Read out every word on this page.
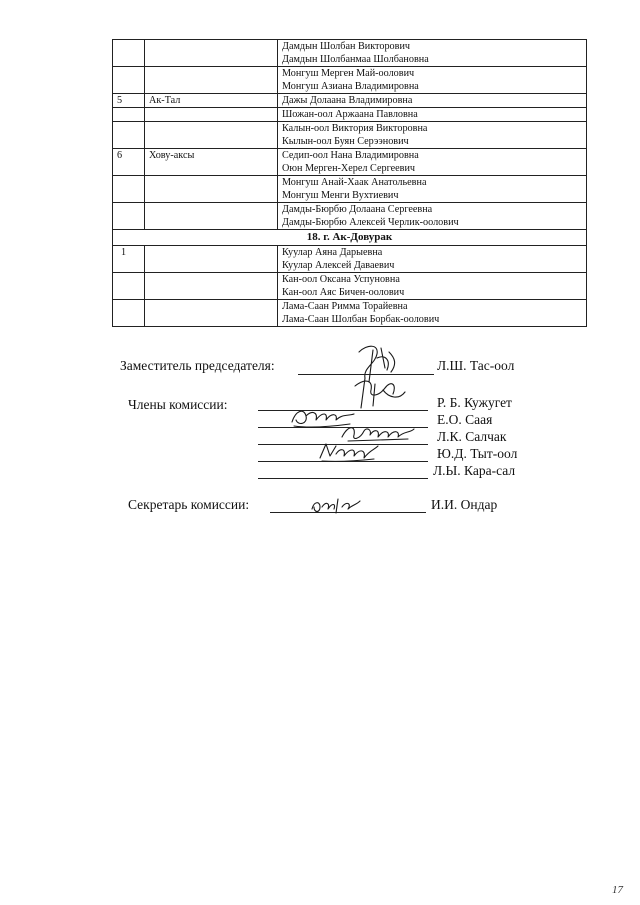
		Дамдын Шолбан Викторович
Дамдын Шолбанмаа Шолбановна

		Монгуш Мерген Май-оолович
Монгуш Азиана Владимировна

5	Ак-Тал	Дажы Долаана Владимировна

		Шожан-оол Аржаана Павловна

		Калын-оол Виктория Викторовна
Кылын-оол Буян Серээнович

6	Хову-аксы	Седип-оол Нана Владимировна
Оюн Мерген-Херел Сергеевич

		Монгуш Анай-Хаак Анатольевна
Монгуш Менги Вухтиевич

		Дамды-Бюрбю Долаана Сергеевна
Дамды-Бюрбю Алексей Черлик-оолович

18. г. Ак-Довурак		
1		Куулар Аяна Дарыевна
Куулар Алексей Даваевич

		Кан-оол Оксана Успуновна
Кан-оол Аяс Бичен-оолович

		Лама-Саан Римма Торайевна
Лама-Саан Шолбан Борбак-оолович
Заместитель председателя:	Л.Ш. Тас-оол
Члены комиссии:	Р. Б. Кужугет
Е.О. Саая
Л.К. Салчак
Ю.Д. Тыт-оол
Л.Ы. Кара-сал
Секретарь комиссии:	И.И. Ондар
17
